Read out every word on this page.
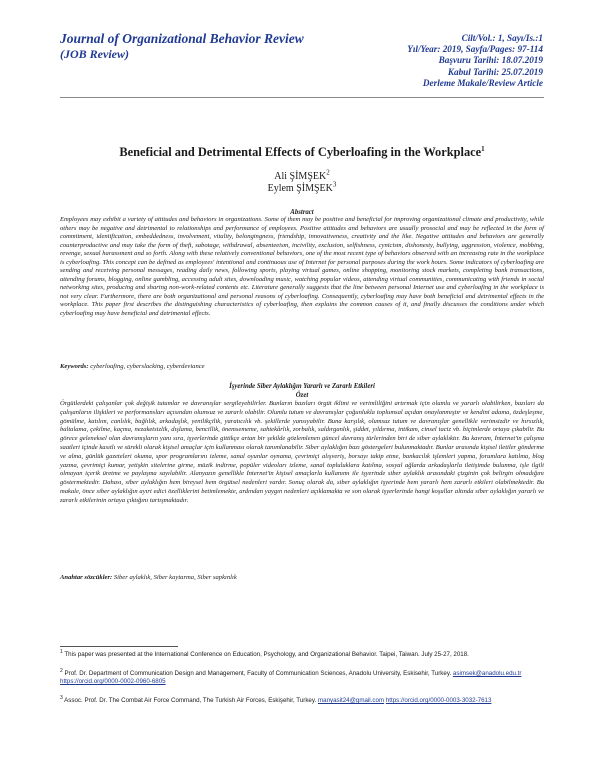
Journal of Organizational Behavior Review
(JOB Review)
Cilt/Vol.: 1, Sayı/Is.:1
Yıl/Year: 2019, Sayfa/Pages: 97-114
Başvuru Tarihi: 18.07.2019
Kabul Tarihi: 25.07.2019
Derleme Makale/Review Article
Beneficial and Detrimental Effects of Cyberloafing in the Workplace$^1$
Ali ŞİMŞEK$^2$
Eylem ŞİMŞEK$^3$
Abstract
Employees may exhibit a variety of attitudes and behaviors in organizations. Some of them may be positive and beneficial for improving organizational climate and productivity, while others may be negative and detrimental to relationships and performance of employees. Positive attitudes and behaviors are usually prosocial and may be reflected in the form of commitment, identification, embeddedness, involvement, vitality, belongingness, friendship, innovativeness, creativity and the like. Negative attitudes and behaviors are generally counterproductive and may take the form of theft, sabotage, withdrawal, absenteeism, incivility, exclusion, selfishness, cynicism, dishonesty, bullying, aggression, violence, mobbing, revenge, sexual harassment and so forth. Along with these relatively conventional behaviors, one of the most recent type of behaviors observed with an increasing rate in the workplace is cyberloafing. This concept can be defined as employees' intentional and continuous use of Internet for personal purposes during the work hours. Some indicators of cyberloafing are sending and receiving personal messages, reading daily news, following sports, playing virtual games, online shopping, monitoring stock markets, completing bank transactions, attending forums, blogging, online gambling, accessing adult sites, downloading music, watching popular videos, attending virtual communities, communicating with friends in social networking sites, producing and sharing non-work-related contents etc. Literature generally suggests that the line between personal Internet use and cyberloafing in the workplace is not very clear. Furthermore, there are both organizational and personal reasons of cyberloafing. Consequently, cyberloafing may have both beneficial and detrimental effects in the workplace. This paper first describes the distinguishing characteristics of cyberloafing, then explains the common causes of it, and finally discusses the conditions under which cyberloafing may have beneficial and detrimental effects.
Keywords: cyberloafing, cyberslacking, cyberdeviance
İşyerinde Siber Aylaklığın Yararlı ve Zararlı Etkileri
Özet
Örgütlerdeki çalışanlar çok değişik tutumlar ve davranışlar sergileyebilirler. Bunların bazıları örgüt iklimi ve verimliliğini artırmak için olumlu ve yararlı olabilirken, bazıları da çalışanların ilişkileri ve performansları açısından olumsuz ve zararlı olabilir. Olumlu tutum ve davranışlar çoğunlukla toplumsal açıdan onaylanmıştır ve kendini adama, özdeşleşme, gömülme, katılım, canlılık, bağlılık, arkadaşlık, yenilikçilik, yaratıcılık vb. şekillerde yansıyabilir. Buna karşılık, olumsuz tutum ve davranışlar genellikle verimsizdir ve hırsızlık, baltalama, çekilme, kaçma, nezaketsizlik, dışlama, bencillik, önemsememe, sahtekârlık, zorbalık, saldırganlık, şiddet, yıldırma, intikam, cinsel taciz vb. biçimlerde ortaya çıkabilir. Bu görece geleneksel olan davranışların yanı sıra, işyerlerinde gittikçe artan bir şekilde gözlemlenen güncel davranış türlerinden biri de siber aylaklıktır. Bu kavram, İnternet'in çalışma saatleri içinde kasıtlı ve sürekli olarak kişisel amaçlar için kullanması olarak tanımlanabilir. Siber aylaklığın bazı göstergeleri bulunmaktadır. Bunlar arasında kişisel iletiler gönderme ve alma, günlük gazeteleri okuma, spor programlarını izleme, sanal oyunlar oynama, çevrimiçi alışveriş, borsayı takip etme, bankacılık işlemleri yapma, forumlara katılma, blog yazma, çevrimiçi kumar, yetişkin sitelerine girme, müzik indirme, popüler videoları izleme, sanal topluluklara katılma, sosyal ağlarda arkadaşlarla iletişimde bulunma, işle ilgili olmayan içerik üretme ve paylaşma sayılabilir. Alanyazın genellikle İnternet'in kişisel amaçlarla kullanımı ile işyerinde siber aylaklık arasındaki çizginin çok belirgin olmadığını göstermektedir. Dahası, siber aylaklığın hem bireysel hem örgütsel nedenleri vardır. Sonuç olarak da, siber aylaklığın işyerinde hem yararlı hem zararlı etkileri olabilmektedir. Bu makale, önce siber aylaklığın ayırt edici özelliklerini betimlemekte, ardından yaygın nedenleri açıklamakta ve son olarak işyerlerinde hangi koşullar altında siber aylaklığın yararlı ve zararlı etkilerinin ortaya çıktığını tartışmaktadır.
Anahtar sözcükler: Siber aylaklık, Siber kaytarma, Siber sapkınlık
$^1$ This paper was presented at the International Conference on Education, Psychology, and Organizational Behavior. Taipei, Taiwan. July 25-27, 2018.
$^2$ Prof. Dr. Department of Communication Design and Management, Faculty of Communication Sciences, Anadolu University, Eskisehir, Turkey. asimsek@anadolu.edu.tr https://orcid.org/0000-0002-0960-6805
$^3$ Assoc. Prof. Dr. The Combat Air Force Command, The Turkish Air Forces, Eskişehir, Turkey. manyasit24@gmail.com https://orcid.org/0000-0003-3032-7613
